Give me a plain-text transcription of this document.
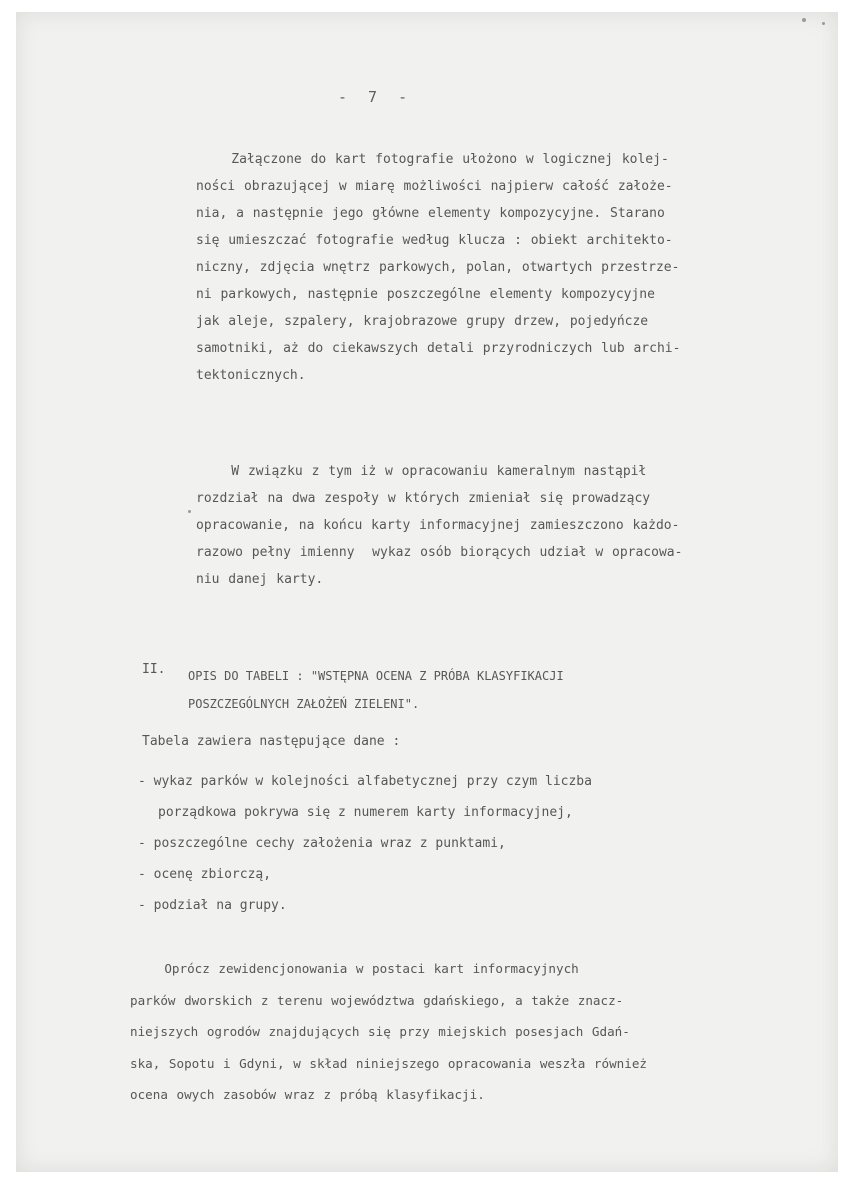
- 7 -
Załączone do kart fotografie ułożono w logicznej kolej-
ności obrazującej w miarę możliwości najpierw całość założe-
nia, a następnie jego główne elementy kompozycyjne. Starano
się umieszczać fotografie według klucza : obiekt architekto-
niczny, zdjęcia wnętrz parkowych, polan, otwartych przestrze-
ni parkowych, następnie poszczególne elementy kompozycyjne
jak aleje, szpalery, krajobrazowe grupy drzew, pojedyńcze
samotniki, aż do ciekawszych detali przyrodniczych lub archi-
tektonicznych.
W związku z tym iż w opracowaniu kameralnym nastąpił
rozdział na dwa zespoły w których zmieniał się prowadzący
opracowanie, na końcu karty informacyjnej zamieszczono każdo-
razowo pełny imienny  wykaz osób biorących udział w opracowa-
niu danej karty.
II. OPIS DO TABELI : "WSTĘPNA OCENA Z PRÓBA KLASYFIKACJI
POSZCZEGÓLNYCH ZAŁOŻEŃ ZIELENI".
Tabela zawiera następujące dane :
- wykaz parków w kolejności alfabetycznej przy czym liczba
porządkowa pokrywa się z numerem karty informacyjnej,
- poszczególne cechy założenia wraz z punktami,
- ocenę zbiorczą,
- podział na grupy.
Oprócz zewidencjonowania w postaci kart informacyjnych
parków dworskich z terenu województwa gdańskiego, a także znacz-
niejszych ogrodów znajdujących się przy miejskich posesjach Gdań-
ska, Sopotu i Gdyni, w skład niniejszego opracowania weszła również
ocena owych zasobów wraz z próbą klasyfikacji.
